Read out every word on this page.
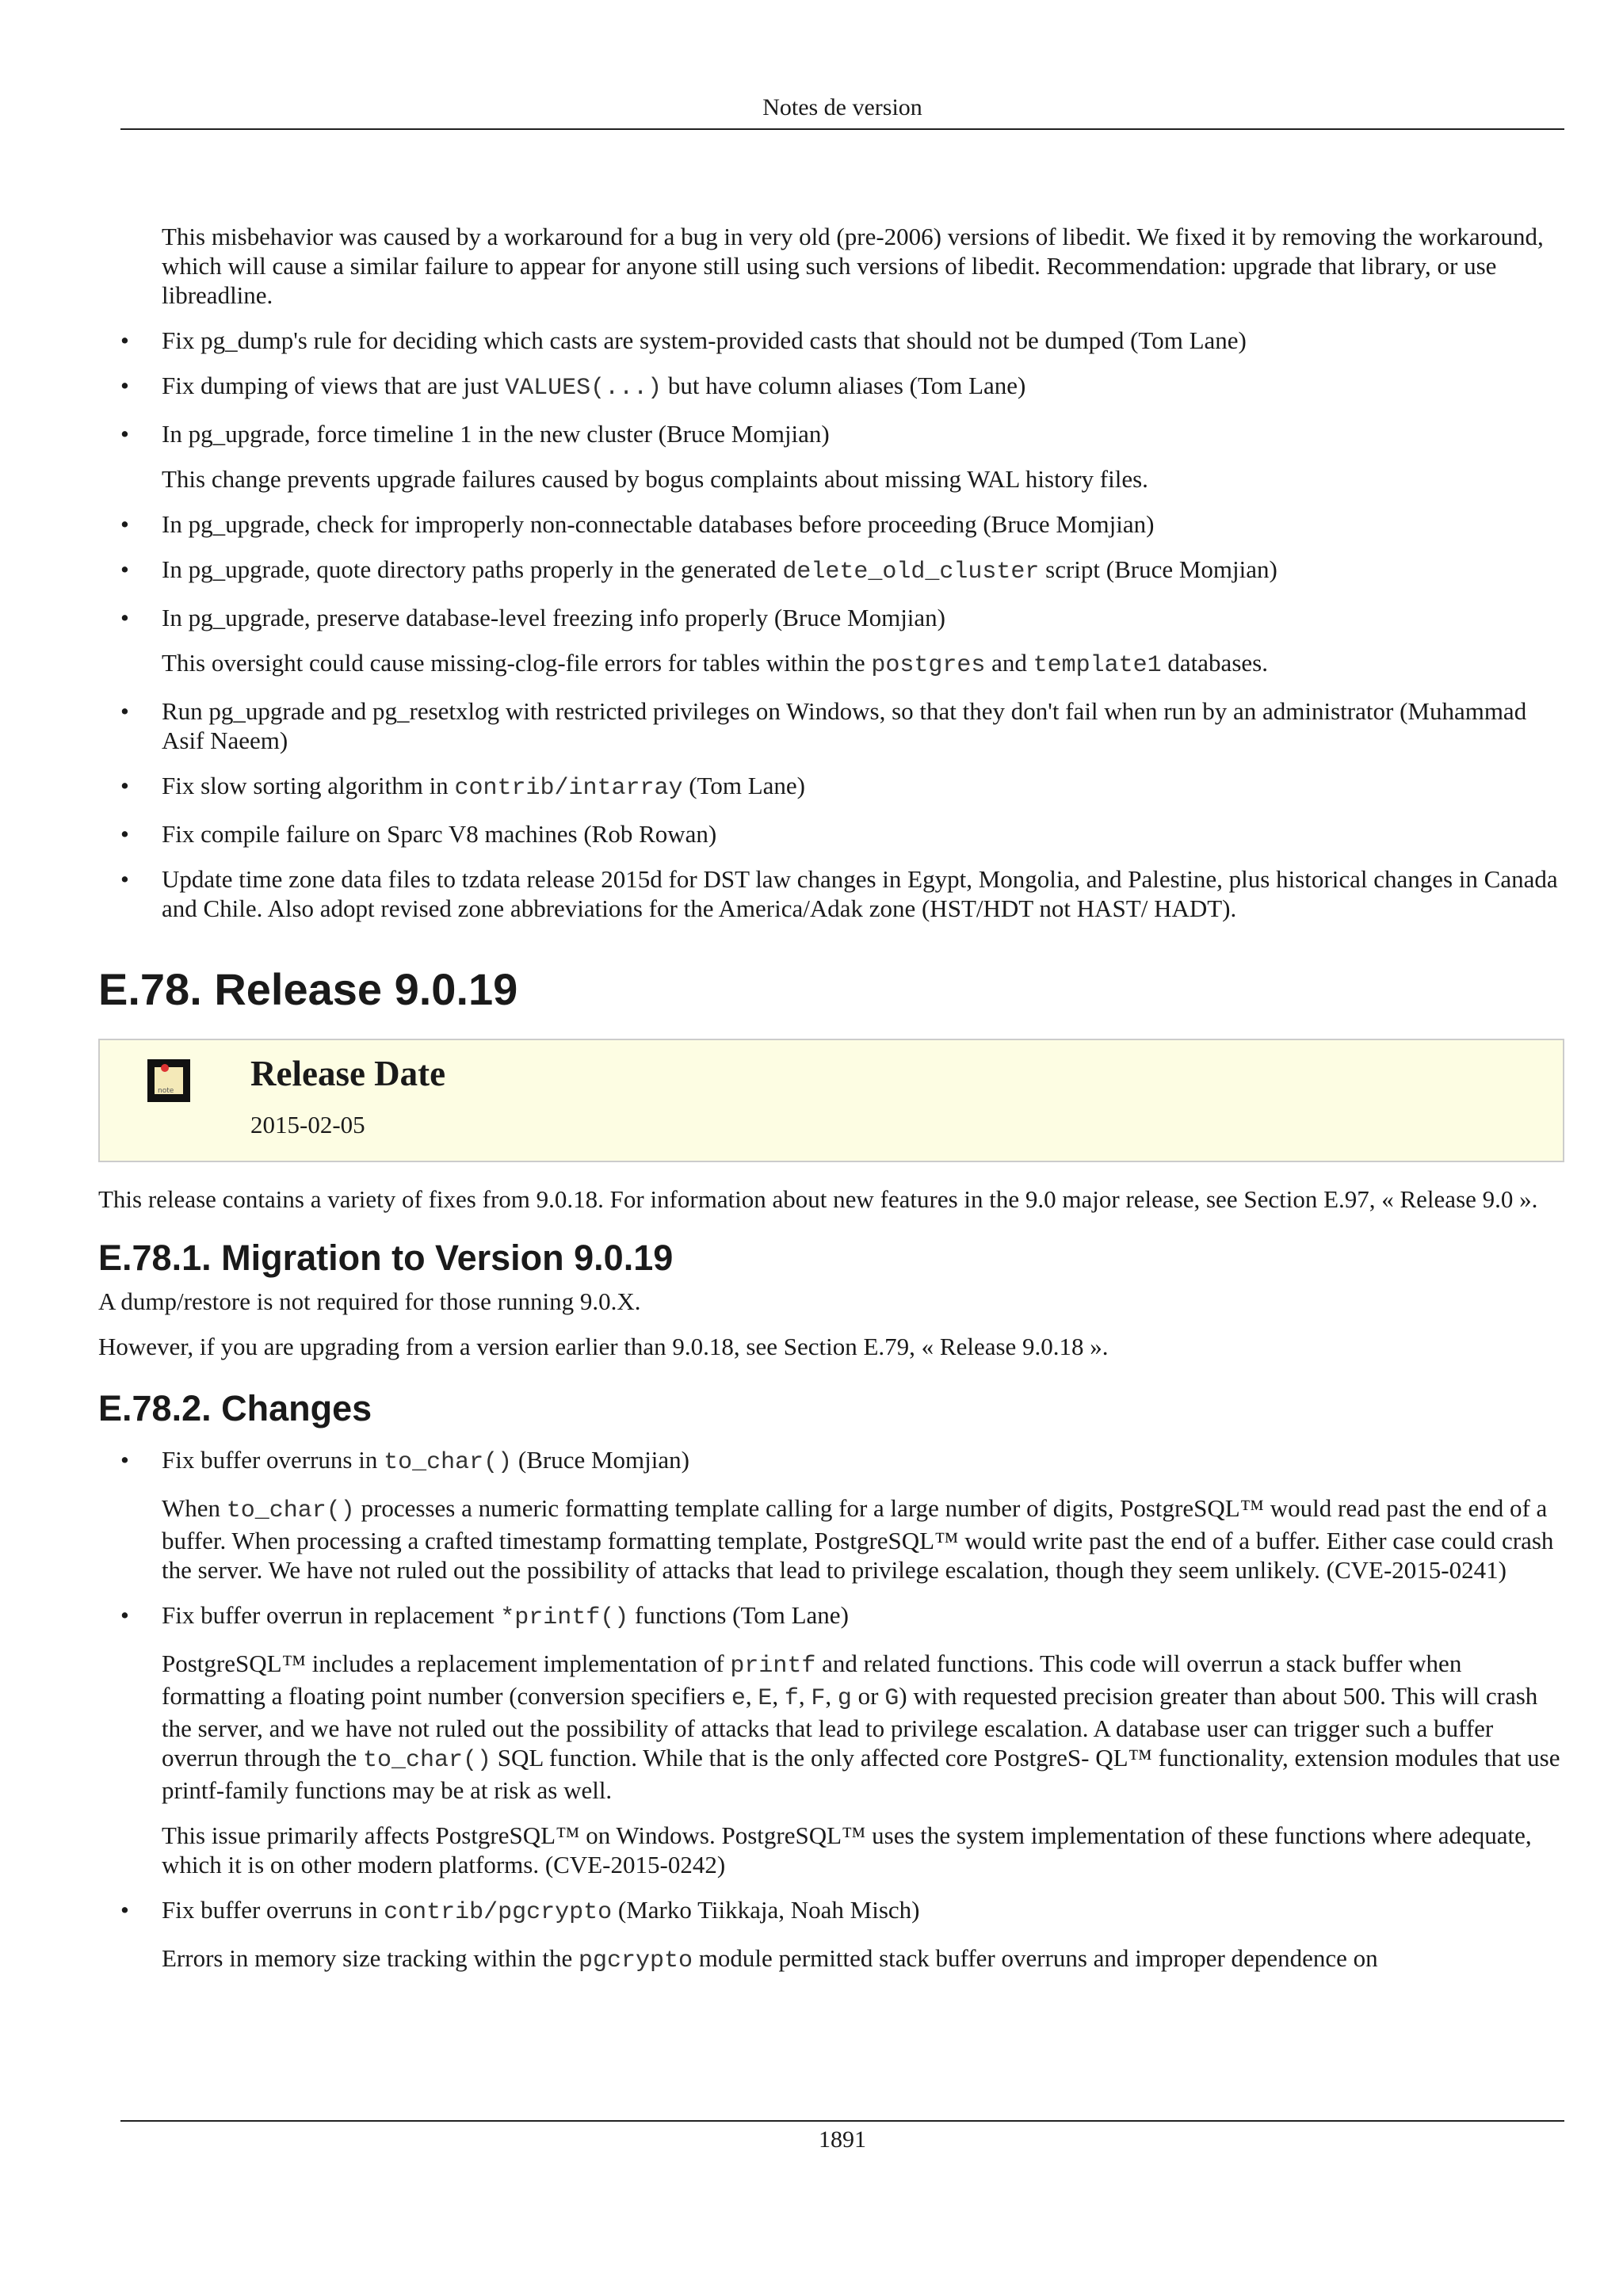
Notes de version

This misbehavior was caused by a workaround for a bug in very old (pre-2006) versions of libedit. We fixed it by removing the workaround, which will cause a similar failure to appear for anyone still using such versions of libedit. Recommendation: upgrade that library, or use libreadline.

• Fix pg_dump's rule for deciding which casts are system-provided casts that should not be dumped (Tom Lane)
• Fix dumping of views that are just VALUES(...) but have column aliases (Tom Lane)
• In pg_upgrade, force timeline 1 in the new cluster (Bruce Momjian)

This change prevents upgrade failures caused by bogus complaints about missing WAL history files.

• In pg_upgrade, check for improperly non-connectable databases before proceeding (Bruce Momjian)
• In pg_upgrade, quote directory paths properly in the generated delete_old_cluster script (Bruce Momjian)
• In pg_upgrade, preserve database-level freezing info properly (Bruce Momjian)

This oversight could cause missing-clog-file errors for tables within the postgres and template1 databases.

• Run pg_upgrade and pg_resetxlog with restricted privileges on Windows, so that they don't fail when run by an administrator (Muhammad Asif Naeem)
• Fix slow sorting algorithm in contrib/intarray (Tom Lane)
• Fix compile failure on Sparc V8 machines (Rob Rowan)
• Update time zone data files to tzdata release 2015d for DST law changes in Egypt, Mongolia, and Palestine, plus historical changes in Canada and Chile. Also adopt revised zone abbreviations for the America/Adak zone (HST/HDT not HAST/ HADT).
E.78. Release 9.0.19
note Release Date
2015-02-05

This release contains a variety of fixes from 9.0.18. For information about new features in the 9.0 major release, see Section E.97, « Release 9.0 ».

E.78.1. Migration to Version 9.0.19

A dump/restore is not required for those running 9.0.X.

However, if you are upgrading from a version earlier than 9.0.18, see Section E.79, « Release 9.0.18 ».

E.78.2. Changes
• Fix buffer overruns in to_char() (Bruce Momjian)

When to_char() processes a numeric formatting template calling for a large number of digits, PostgreSQL™ would read past the end of a buffer. When processing a crafted timestamp formatting template, PostgreSQL™ would write past the end of a buffer. Either case could crash the server. We have not ruled out the possibility of attacks that lead to privilege escalation, though they seem unlikely. (CVE-2015-0241)

• Fix buffer overrun in replacement *printf() functions (Tom Lane)

PostgreSQL™ includes a replacement implementation of printf and related functions. This code will overrun a stack buffer when formatting a floating point number (conversion specifiers e, E, f, F, g or G) with requested precision greater than about 500. This will crash the server, and we have not ruled out the possibility of attacks that lead to privilege escalation. A database user can trigger such a buffer overrun through the to_char() SQL function. While that is the only affected core PostgreS- QL™ functionality, extension modules that use printf-family functions may be at risk as well.

This issue primarily affects PostgreSQL™ on Windows. PostgreSQL™ uses the system implementation of these functions where adequate, which it is on other modern platforms. (CVE-2015-0242)

• Fix buffer overruns in contrib/pgcrypto (Marko Tiikkaja, Noah Misch)

Errors in memory size tracking within the pgcrypto module permitted stack buffer overruns and improper dependence on

1891
